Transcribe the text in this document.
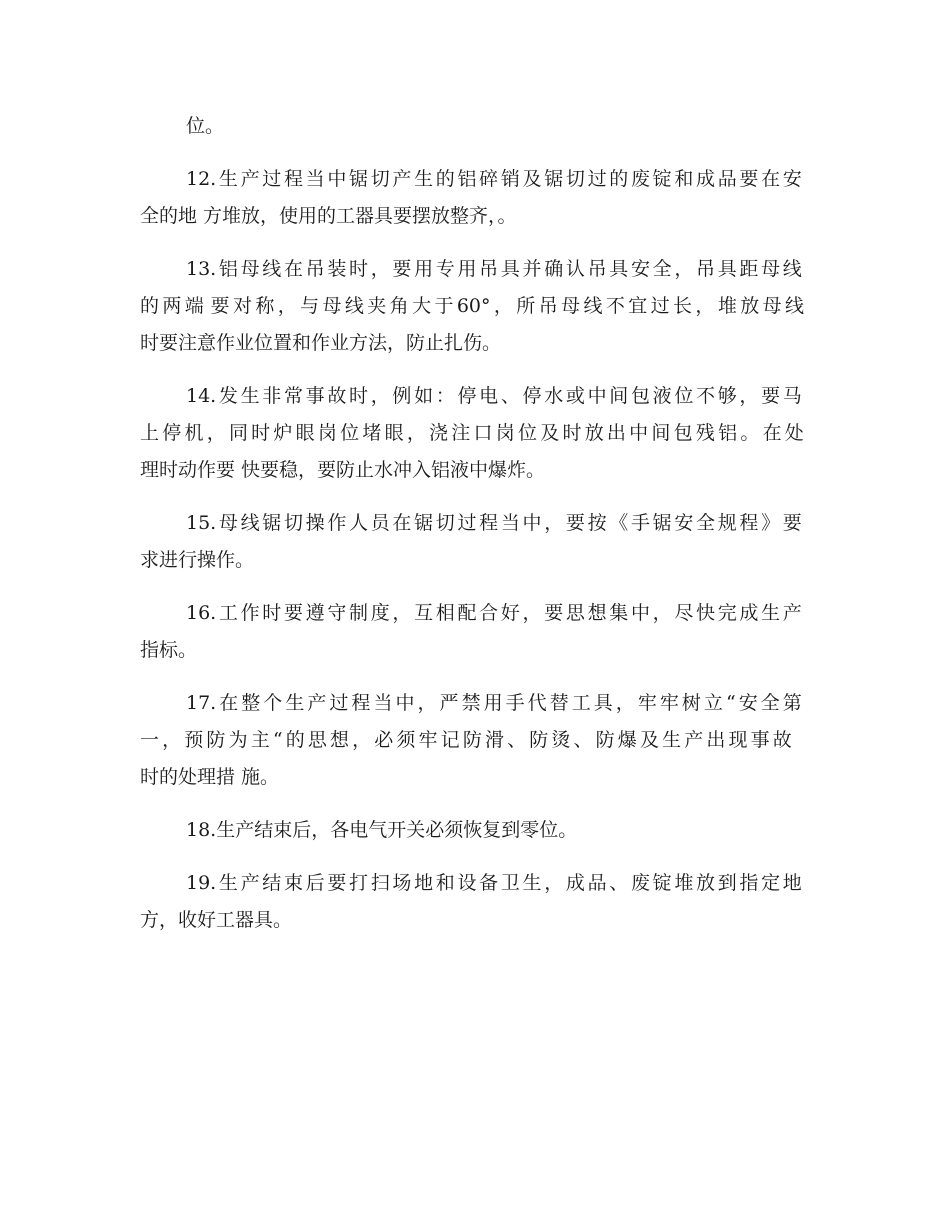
位。

12. 生 产 过 程 当 中 锯 切 产 生 的 铝 碎 销 及 锯 切 过 的 废 锭 和 成 品 要 在 安

全的地 方堆放，使用的工器具要摆放整齐，。

13. 铝 母 线 在 吊 装 时 ， 要 用 专 用 吊 具 并 确 认 吊 具 安 全 ， 吊 具 距 母 线

的 两 端 要 对 称 ， 与 母 线 夹 角 大 于 60° ， 所 吊 母 线 不 宜 过 长 ， 堆 放 母 线

时要注意作业位置和作业方法，防止扎伤。

14. 发 生 非 常 事 故 时 ， 例 如 ： 停 电 、 停 水 或 中 间 包 液 位 不 够 ， 要 马

上 停 机 ， 同 时 炉 眼 岗 位 堵 眼 ， 浇 注 口 岗 位 及 时 放 出 中 间 包 残 铝 。 在 处

理时动作要 快要稳，要防止水冲入铝液中爆炸。

15. 母 线 锯 切 操 作 人 员 在 锯 切 过 程 当 中 ， 要 按 《 手 锯 安 全 规 程 》 要

求进行操作。

16. 工 作 时 要 遵 守 制 度 ， 互 相 配 合 好 ， 要 思 想 集 中 ， 尽 快 完 成 生 产

指标。

17. 在 整 个 生 产 过 程 当 中 ， 严 禁 用 手 代 替 工 具 ， 牢 牢 树 立 “ 安 全 第

一 ， 预 防 为 主 “ 的 思 想 ， 必 须 牢 记 防 滑 、 防 烫 、 防 爆 及 生 产 出 现 事 故

时的处理措 施。

18.生产结束后，各电气开关必须恢复到零位。

19. 生 产 结 束 后 要 打 扫 场 地 和 设 备 卫 生 ， 成 品 、 废 锭 堆 放 到 指 定 地

方，收好工器具。
